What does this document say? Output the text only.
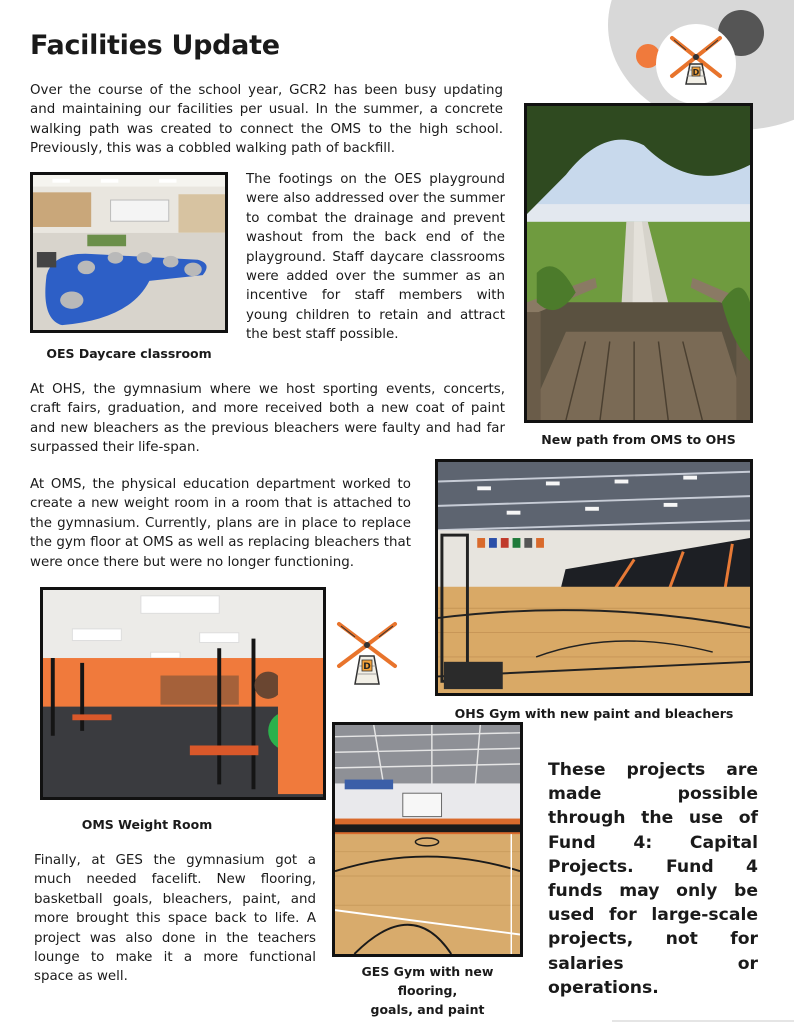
D
Facilities Update
Over the course of the school year, GCR2 has been busy updating and maintaining our facilities per usual. In the summer, a concrete walking path was created to connect the OMS to the high school. Previously, this was a cobbled walking path of backfill.
OES Daycare classroom
The footings on the OES playground were also addressed over the summer to combat the drainage and prevent washout from the back end of the playground. Staff daycare classrooms were added over the summer as an incentive for staff members with young children to retain and attract the best staff possible.
New path from OMS to OHS
At OHS, the gymnasium where we host sporting events, concerts, craft fairs, graduation, and more received both a new coat of paint and new bleachers as the previous bleachers were faulty and had far surpassed their life-span.
At OMS, the physical education department worked to create a new weight room in a room that is attached to the gymnasium. Currently, plans are in place to replace the gym floor at OMS as well as replacing bleachers that were once there but were no longer functioning.
OHS Gym with new paint and bleachers
D
GES Gym with new flooring,
goals, and paint
OMS Weight Room
Finally, at GES the gymnasium got a much needed facelift. New flooring, basketball goals, bleachers, paint, and more brought this space back to life. A project was also done in the teachers lounge to make it a more functional space as well.
These projects are made possible through the use of Fund 4: Capital Projects. Fund 4 funds may only be used for large-scale projects, not for
salaries or operations.
